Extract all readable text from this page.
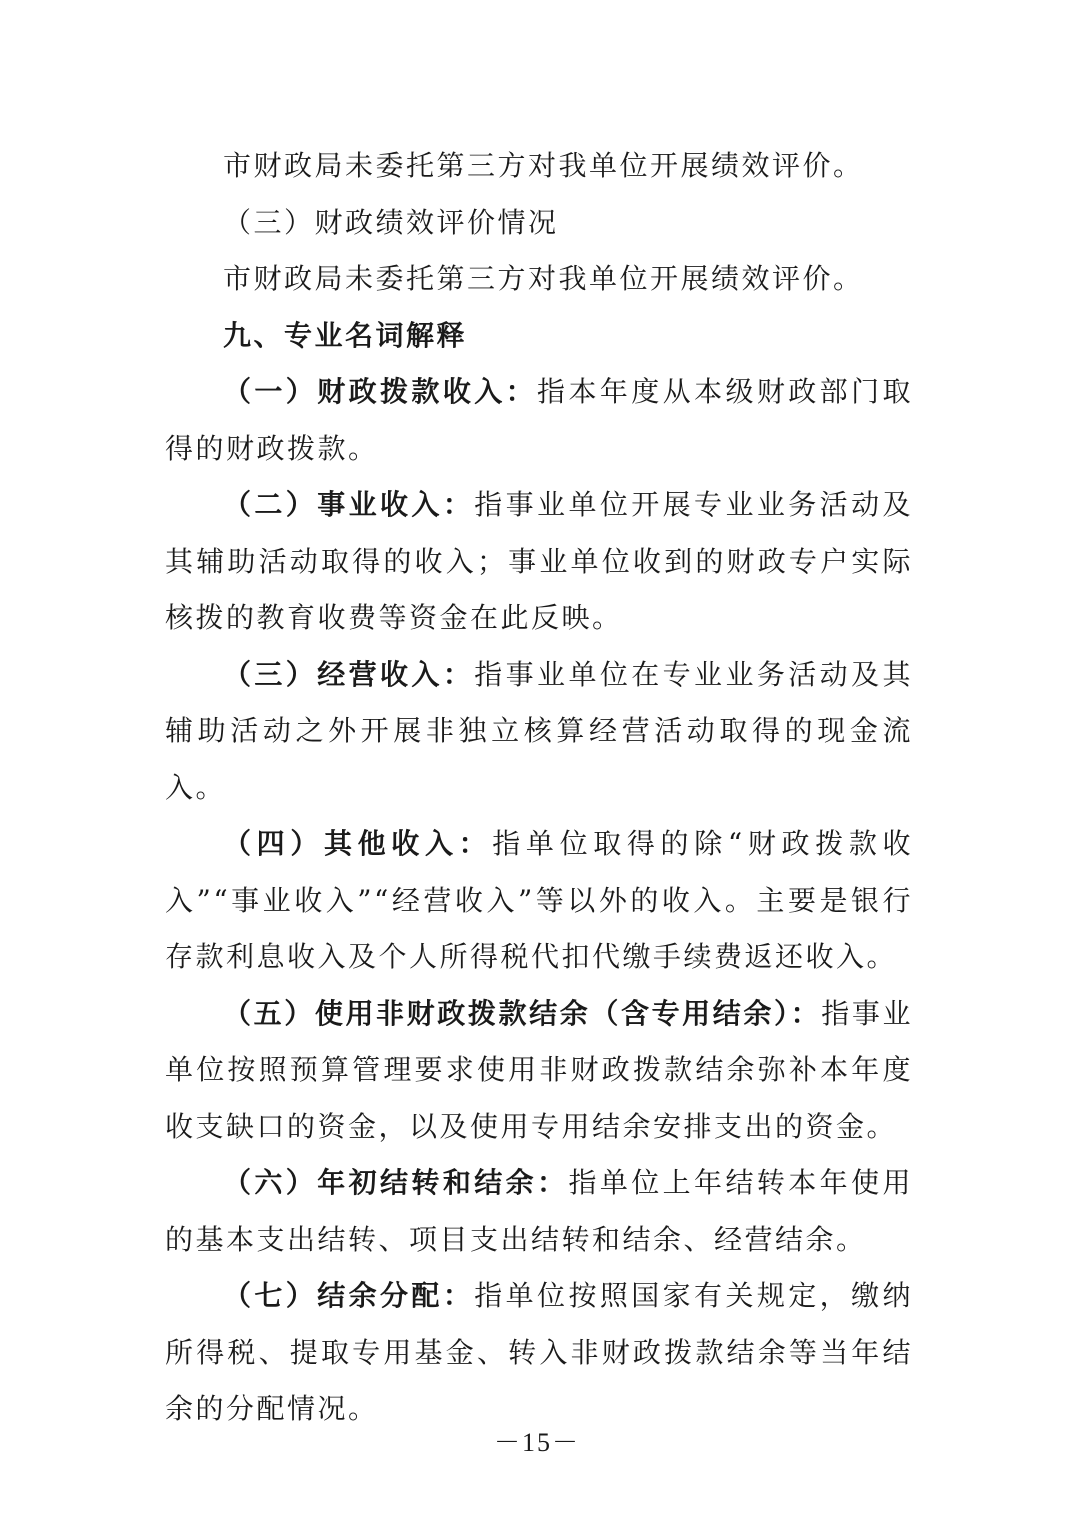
市财政局未委托第三方对我单位开展绩效评价。

（三）财政绩效评价情况

市财政局未委托第三方对我单位开展绩效评价。

九、专业名词解释

（一）财政拨款收入：指本年度从本级财政部门取得的财政拨款。

（二）事业收入：指事业单位开展专业业务活动及其辅助活动取得的收入；事业单位收到的财政专户实际核拨的教育收费等资金在此反映。

（三）经营收入：指事业单位在专业业务活动及其辅助活动之外开展非独立核算经营活动取得的现金流入。

（四）其他收入：指单位取得的除“财政拨款收入”“事业收入”“经营收入”等以外的收入。主要是银行存款利息收入及个人所得税代扣代缴手续费返还收入。

（五）使用非财政拨款结余（含专用结余）：指事业单位按照预算管理要求使用非财政拨款结余弥补本年度收支缺口的资金，以及使用专用结余安排支出的资金。

（六）年初结转和结余：指单位上年结转本年使用的基本支出结转、项目支出结转和结余、经营结余。

（七）结余分配：指单位按照国家有关规定，缴纳所得税、提取专用基金、转入非财政拨款结余等当年结余的分配情况。

－15－
